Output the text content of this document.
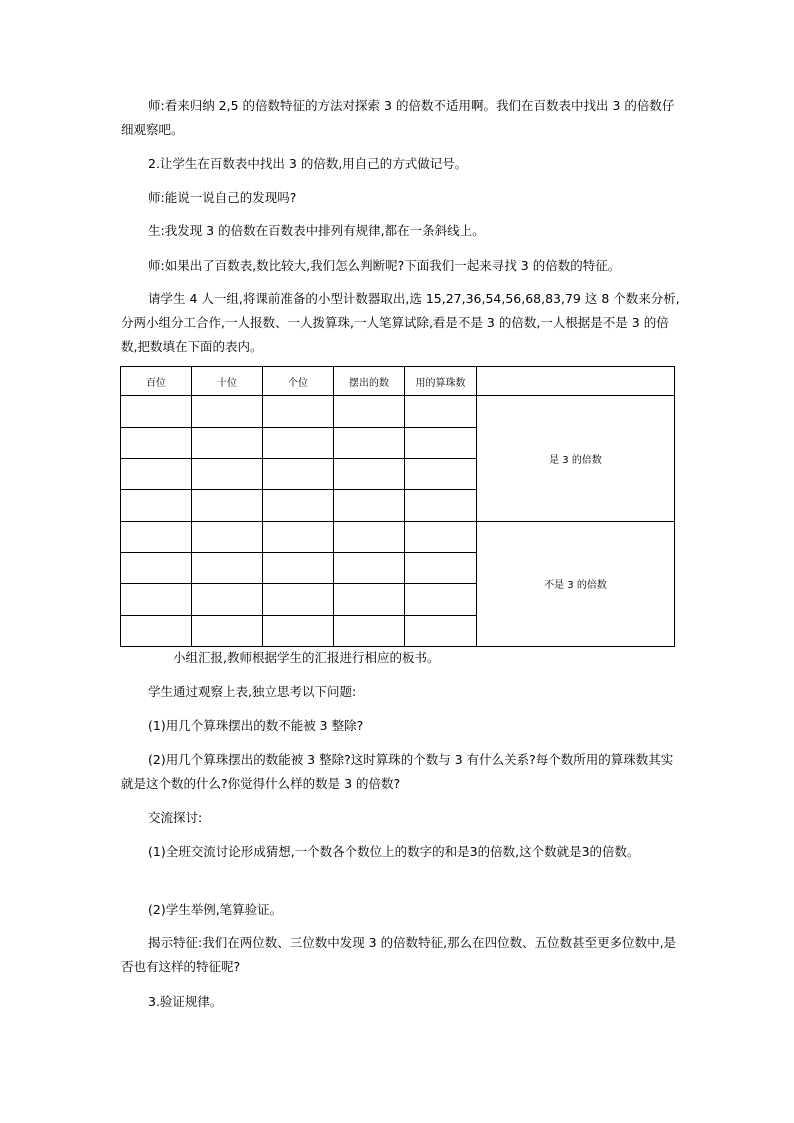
师:看来归纳 2,5 的倍数特征的方法对探索 3 的倍数不适用啊。我们在百数表中找出 3 的倍数仔细观察吧。
2.让学生在百数表中找出 3 的倍数,用自己的方式做记号。
师:能说一说自己的发现吗?
生:我发现 3 的倍数在百数表中排列有规律,都在一条斜线上。
师:如果出了百数表,数比较大,我们怎么判断呢?下面我们一起来寻找 3 的倍数的特征。
请学生 4 人一组,将课前准备的小型计数器取出,选 15,27,36,54,56,68,83,79 这 8 个数来分析,分两小组分工合作,一人报数、一人拨算珠,一人笔算试除,看是不是 3 的倍数,一人根据是不是 3 的倍数,把数填在下面的表内。
百位	十位	个位	摆出的数	用的算珠数	
					是 3 的倍数

					不是 3 的倍数

小组汇报,教师根据学生的汇报进行相应的板书。
学生通过观察上表,独立思考以下问题:
(1)用几个算珠摆出的数不能被 3 整除?
(2)用几个算珠摆出的数能被 3 整除?这时算珠的个数与 3 有什么关系?每个数所用的算珠数其实就是这个数的什么?你觉得什么样的数是 3 的倍数?
交流探讨:
(1)全班交流讨论形成猜想,一个数各个数位上的数字的和是3的倍数,这个数就是3的倍数。
(2)学生举例,笔算验证。
揭示特征:我们在两位数、三位数中发现 3 的倍数特征,那么在四位数、五位数甚至更多位数中,是否也有这样的特征呢?
3.验证规律。
